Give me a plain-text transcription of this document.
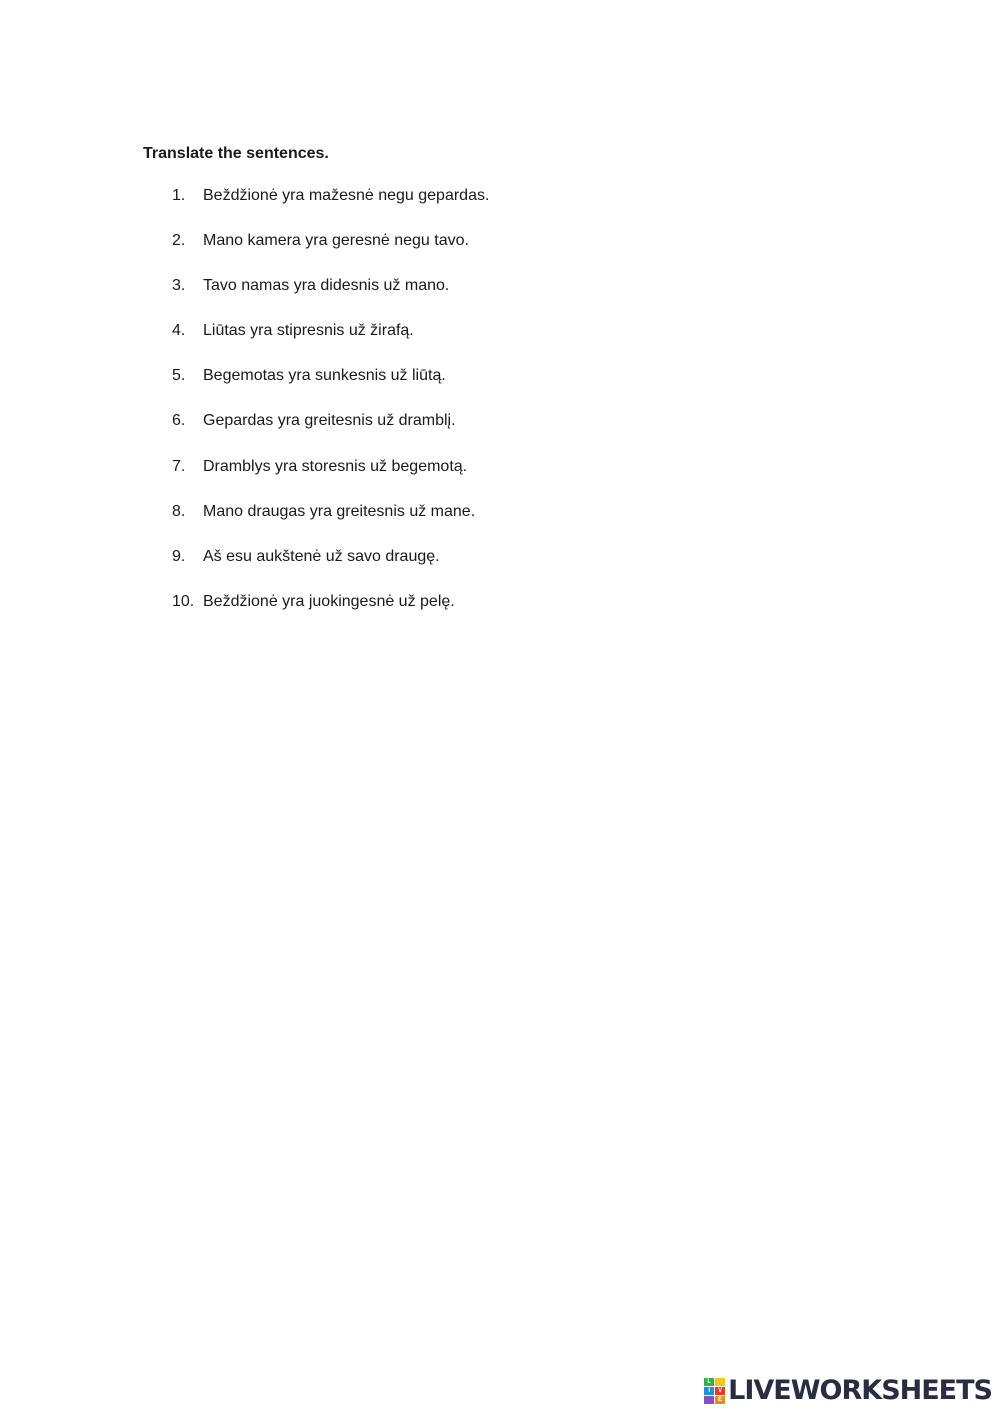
Translate the sentences.

1.	Beždžionė yra mažesnė negu gepardas.
2.	Mano kamera yra geresnė negu tavo.
3.	Tavo namas yra didesnis už mano.
4.	Liūtas yra stipresnis už žirafą.
5.	Begemotas yra sunkesnis už liūtą.
6.	Gepardas yra greitesnis už dramblį.
7.	Dramblys yra storesnis už begemotą.
8.	Mano draugas yra greitesnis už mane.
9.	Aš esu aukštenė už savo draugę.
10. Beždžionė yra juokingesnė už pelę.
L
I	V
E LIVEWORKSHEETS
